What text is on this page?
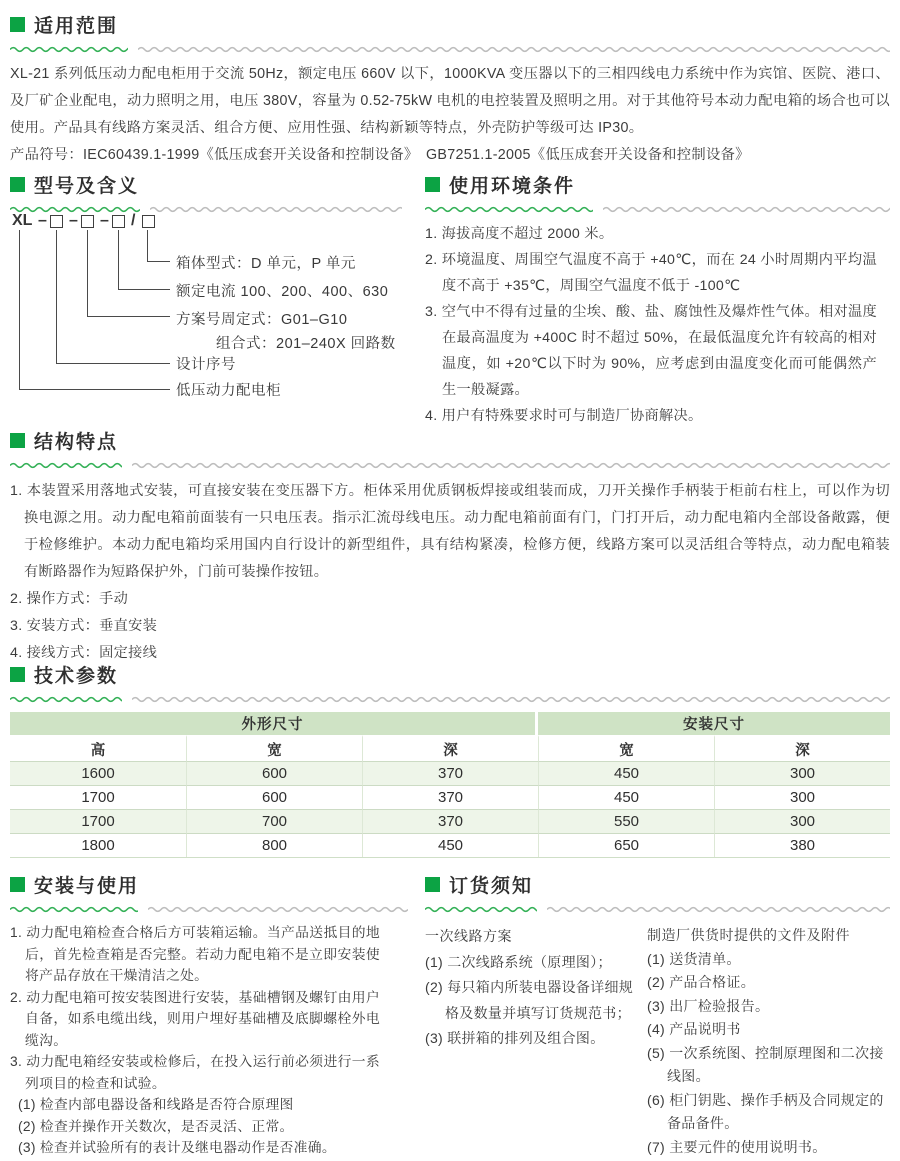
适用范围
XL-21 系列低压动力配电柜用于交流 50Hz，额定电压 660V 以下，1000KVA 变压器以下的三相四线电力系统中作为宾馆、医院、港口、及厂矿企业配电，动力照明之用，电压 380V，容量为 0.52-75kW 电机的电控装置及照明之用。对于其他符号本动力配电箱的场合也可以使用。产品具有线路方案灵活、组合方便、应用性强、结构新颖等特点，外壳防护等级可达 IP30。
产品符号：IEC60439.1-1999《低压成套开关设备和控制设备》　GB7251.1-2005《低压成套开关设备和控制设备》
型号及含义
XL – – – /
箱体型式：D 单元，P 单元
额定电流 100、200、400、630
方案号周定式：G01–G10
组合式：201–240X 回路数
设计序号
低压动力配电柜
使用环境条件
1. 海拔高度不超过 2000 米。
2. 环境温度、周围空气温度不高于 +40℃，而在 24 小时周期内平均温度不高于 +35℃，周围空气温度不低于 -100℃
3. 空气中不得有过量的尘埃、酸、盐、腐蚀性及爆炸性气体。相对温度在最高温度为 +400C 时不超过 50%，在最低温度允许有较高的相对温度，如 +20℃以下时为 90%，应考虑到由温度变化而可能偶然产生一般凝露。
4. 用户有特殊要求时可与制造厂协商解决。
结构特点
1. 本装置采用落地式安装，可直接安装在变压器下方。柜体采用优质钢板焊接或组装而成，刀开关操作手柄装于柜前右柱上，可以作为切换电源之用。动力配电箱前面装有一只电压表。指示汇流母线电压。动力配电箱前面有门，门打开后，动力配电箱内全部设备敞露，便于检修维护。本动力配电箱均采用国内自行设计的新型组件，具有结构紧凑，检修方便，线路方案可以灵活组合等特点，动力配电箱装有断路器作为短路保护外，门前可装操作按钮。
2. 操作方式：手动
3. 安装方式：垂直安装
4. 接线方式：固定接线
技术参数
外形尺寸	安装尺寸
高	宽	深	宽	深
1600	600	370	450	300
1700	600	370	450	300
1700	700	370	550	300
1800	800	450	650	380
安装与使用
1. 动力配电箱检查合格后方可装箱运输。当产品送抵目的地后，首先检查箱是否完整。若动力配电箱不是立即安装使将产品存放在干燥清洁之处。
2. 动力配电箱可按安装图进行安装，基础槽钢及螺钉由用户自备，如系电缆出线，则用户埋好基础槽及底脚螺栓外电缆沟。
3. 动力配电箱经安装或检修后，在投入运行前必须进行一系列项目的检查和试验。
(1) 检查内部电器设备和线路是否符合原理图
(2) 检查并操作开关数次，是否灵活、正常。
(3) 检查并试验所有的表计及继电器动作是否准确。
订货须知
一次线路方案
(1) 二次线路系统（原理图）；
(2) 每只箱内所装电器设备详细规格及数量并填写订货规范书；
(3) 联拼箱的排列及组合图。
制造厂供货时提供的文件及附件
(1) 送货清单。
(2) 产品合格证。
(3) 出厂检验报告。
(4) 产品说明书
(5) 一次系统图、控制原理图和二次接线图。
(6) 柜门钥匙、操作手柄及合同规定的备品备件。
(7) 主要元件的使用说明书。
